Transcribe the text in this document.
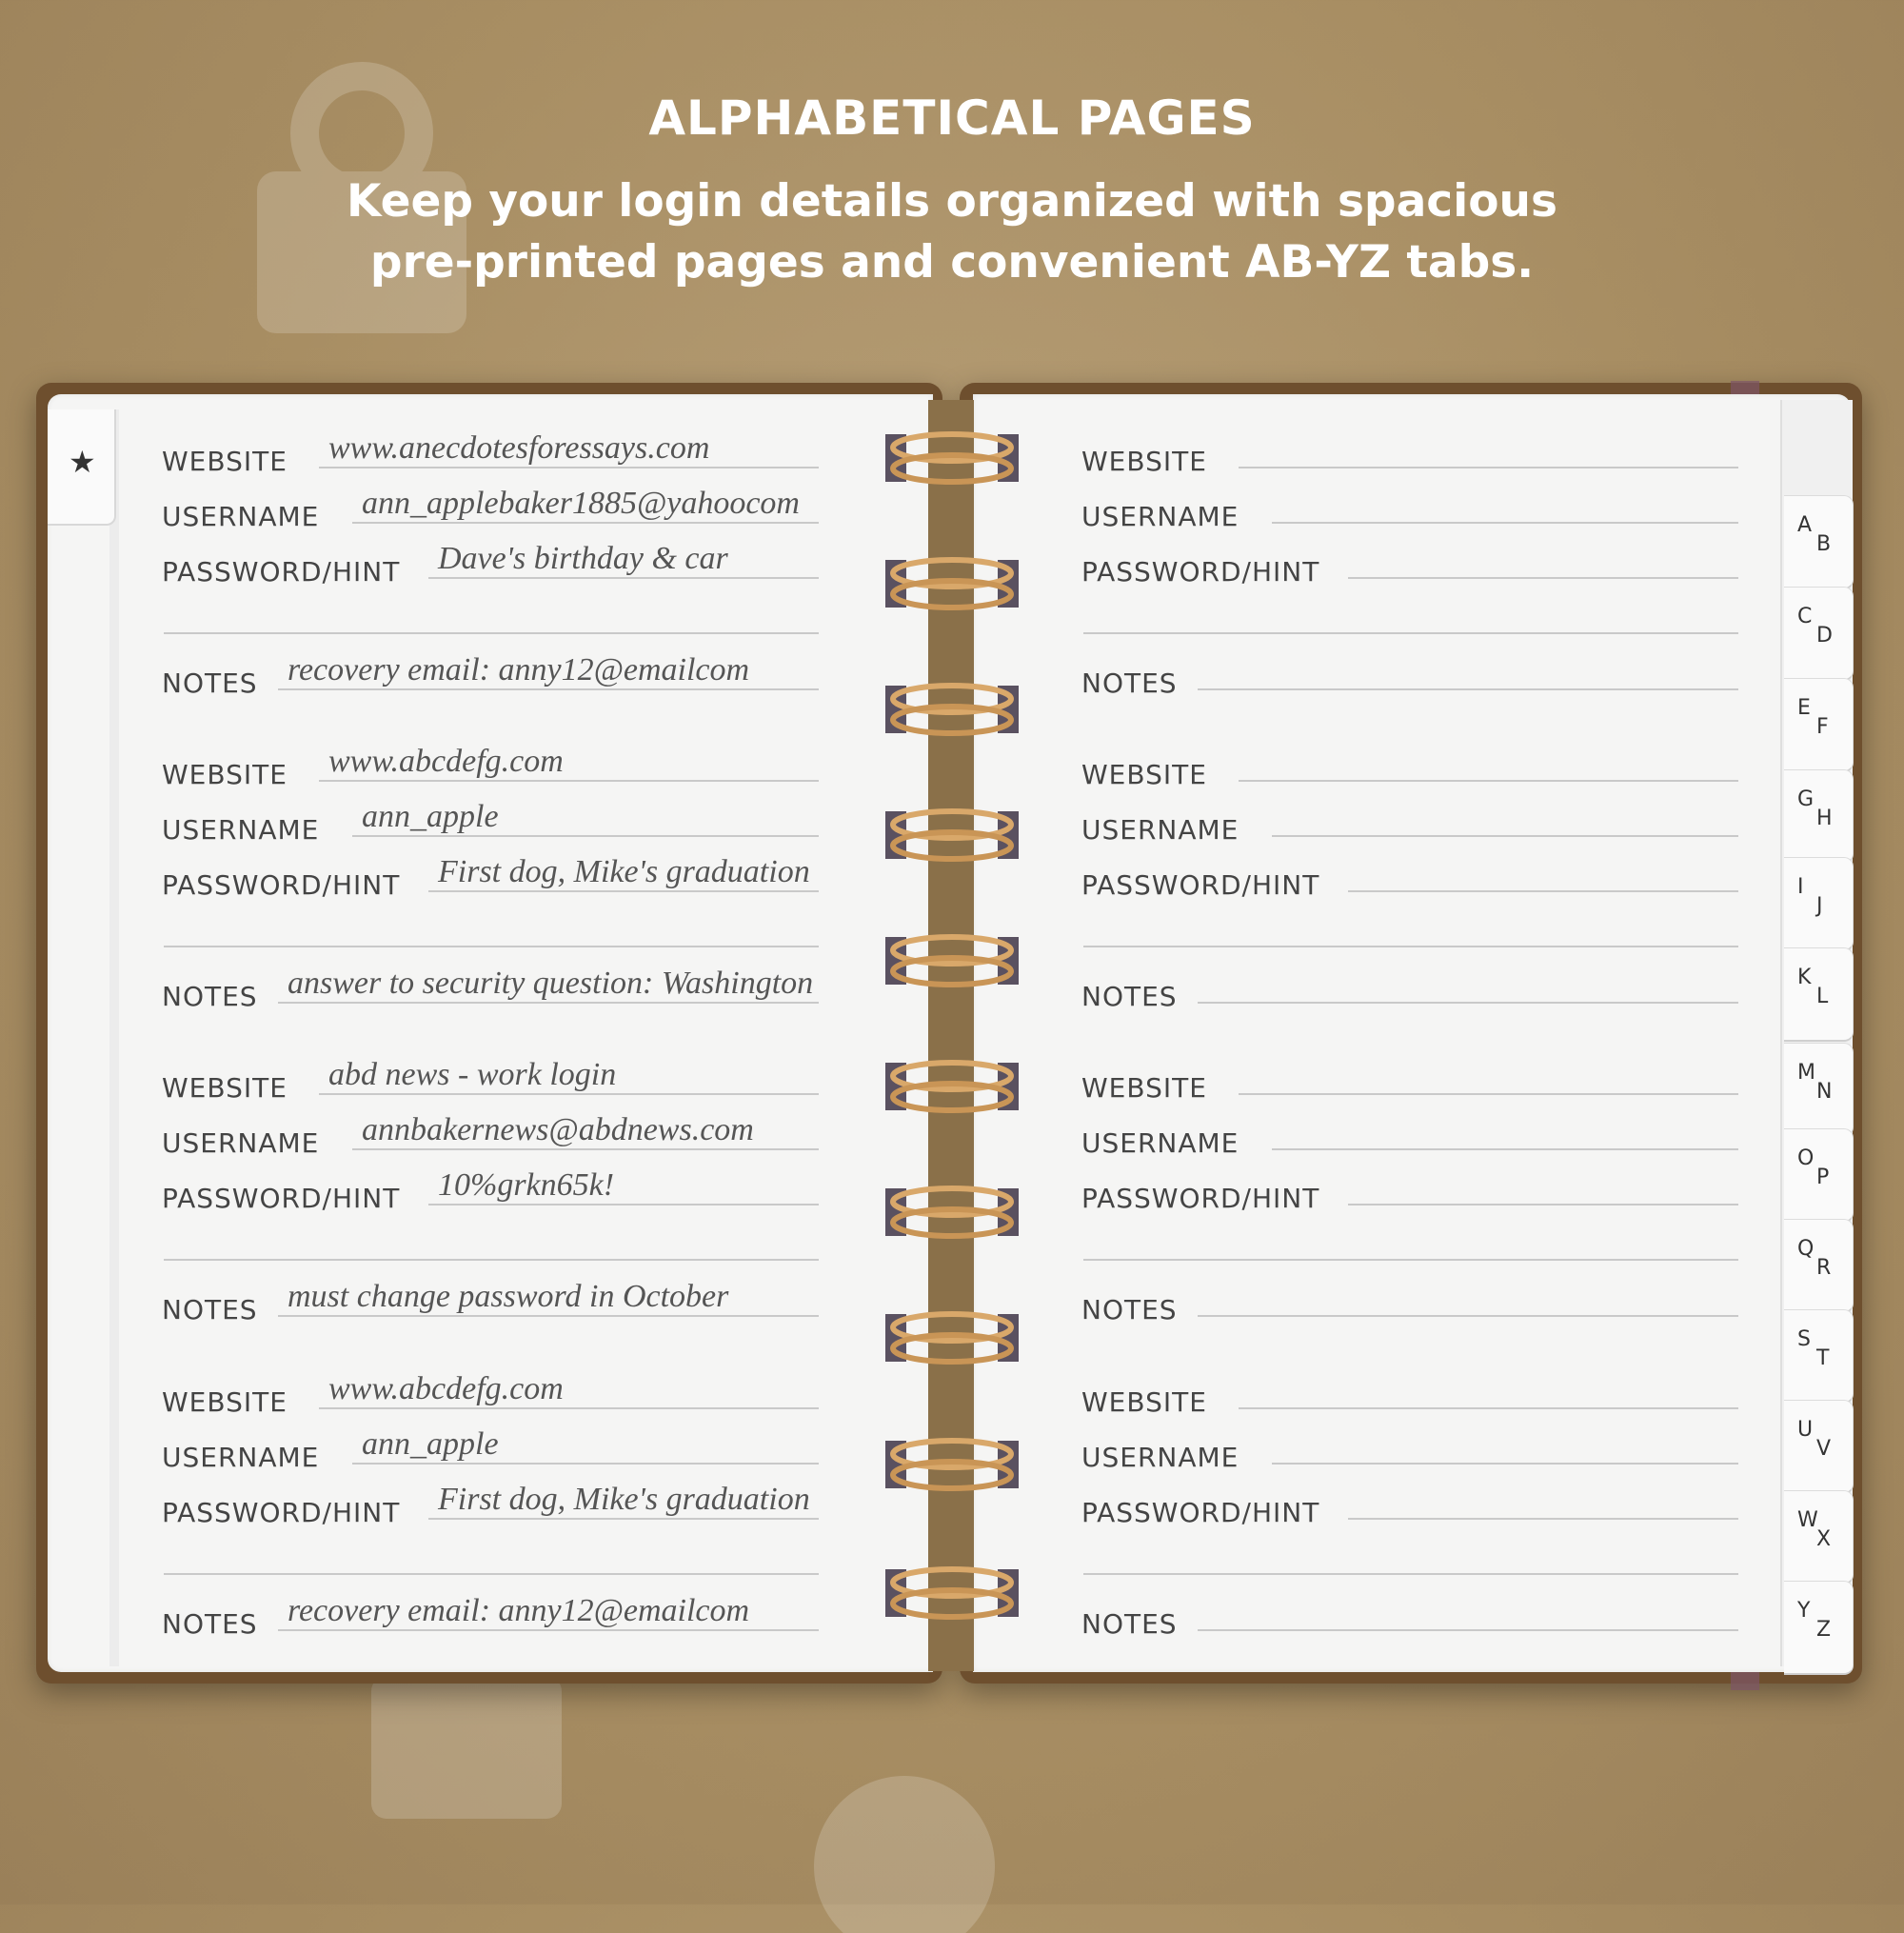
ALPHABETICAL PAGES
Keep your login details organized with spacious
pre-printed pages and convenient AB-YZ tabs.
★ WEBSITE www.anecdotesforessays.com
USERNAME ann_applebaker1885@yahoocom
PASSWORD/HINT Dave's birthday & car
NOTES recovery email: anny12@emailcom
WEBSITE www.abcdefg.com
USERNAME ann_apple
PASSWORD/HINT First dog, Mike's graduation
NOTES answer to security question: Washington
WEBSITE abd news - work login
USERNAME annbakernews@abdnews.com
PASSWORD/HINT 10%grkn65k!
NOTES must change password in October
WEBSITE www.abcdefg.com
USERNAME ann_apple
PASSWORD/HINT First dog, Mike's graduation
NOTES recovery email: anny12@emailcom
WEBSITE
USERNAME
PASSWORD/HINT
NOTES
WEBSITE
USERNAME
PASSWORD/HINT
NOTES
WEBSITE
USERNAME
PASSWORD/HINT
NOTES
WEBSITE
USERNAME
PASSWORD/HINT
NOTES
A
B
C
D
E
F
G
H
I
J
K
L
M
N
O
P
Q
R
S
T
U
V
W
X
Y
Z
